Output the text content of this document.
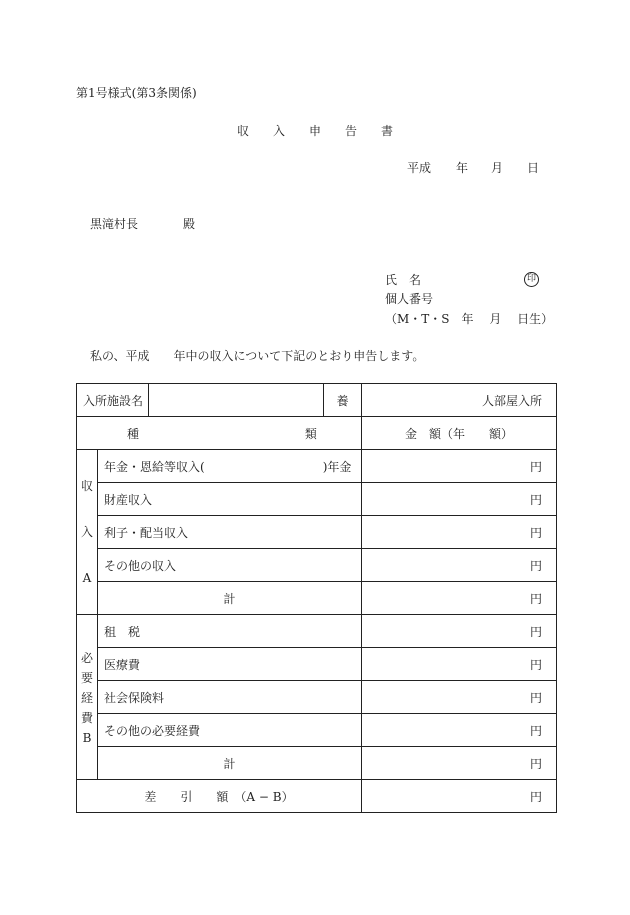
第1号様式(第3条関係)
収　入　申　告　書
平成 年 月 日
黒滝村長	殿
氏　名	印
個人番号
（M・T・S　年　 月　 日生）
私の、平成　　年中の収入について下記のとおり申告します。
入所施設名			養	人部屋入所
種 類				金　額（年　　額）

収
入
A	年金・恩給等収入( )年金			円
	財産収入			円
	利子・配当収入			円
	その他の収入			円
	計			円

必
要
経
費
B	租　税			円
	医療費			円
	社会保険料			円
	その他の必要経費			円
	計			円
差　　引　　額　（A − B）				円
